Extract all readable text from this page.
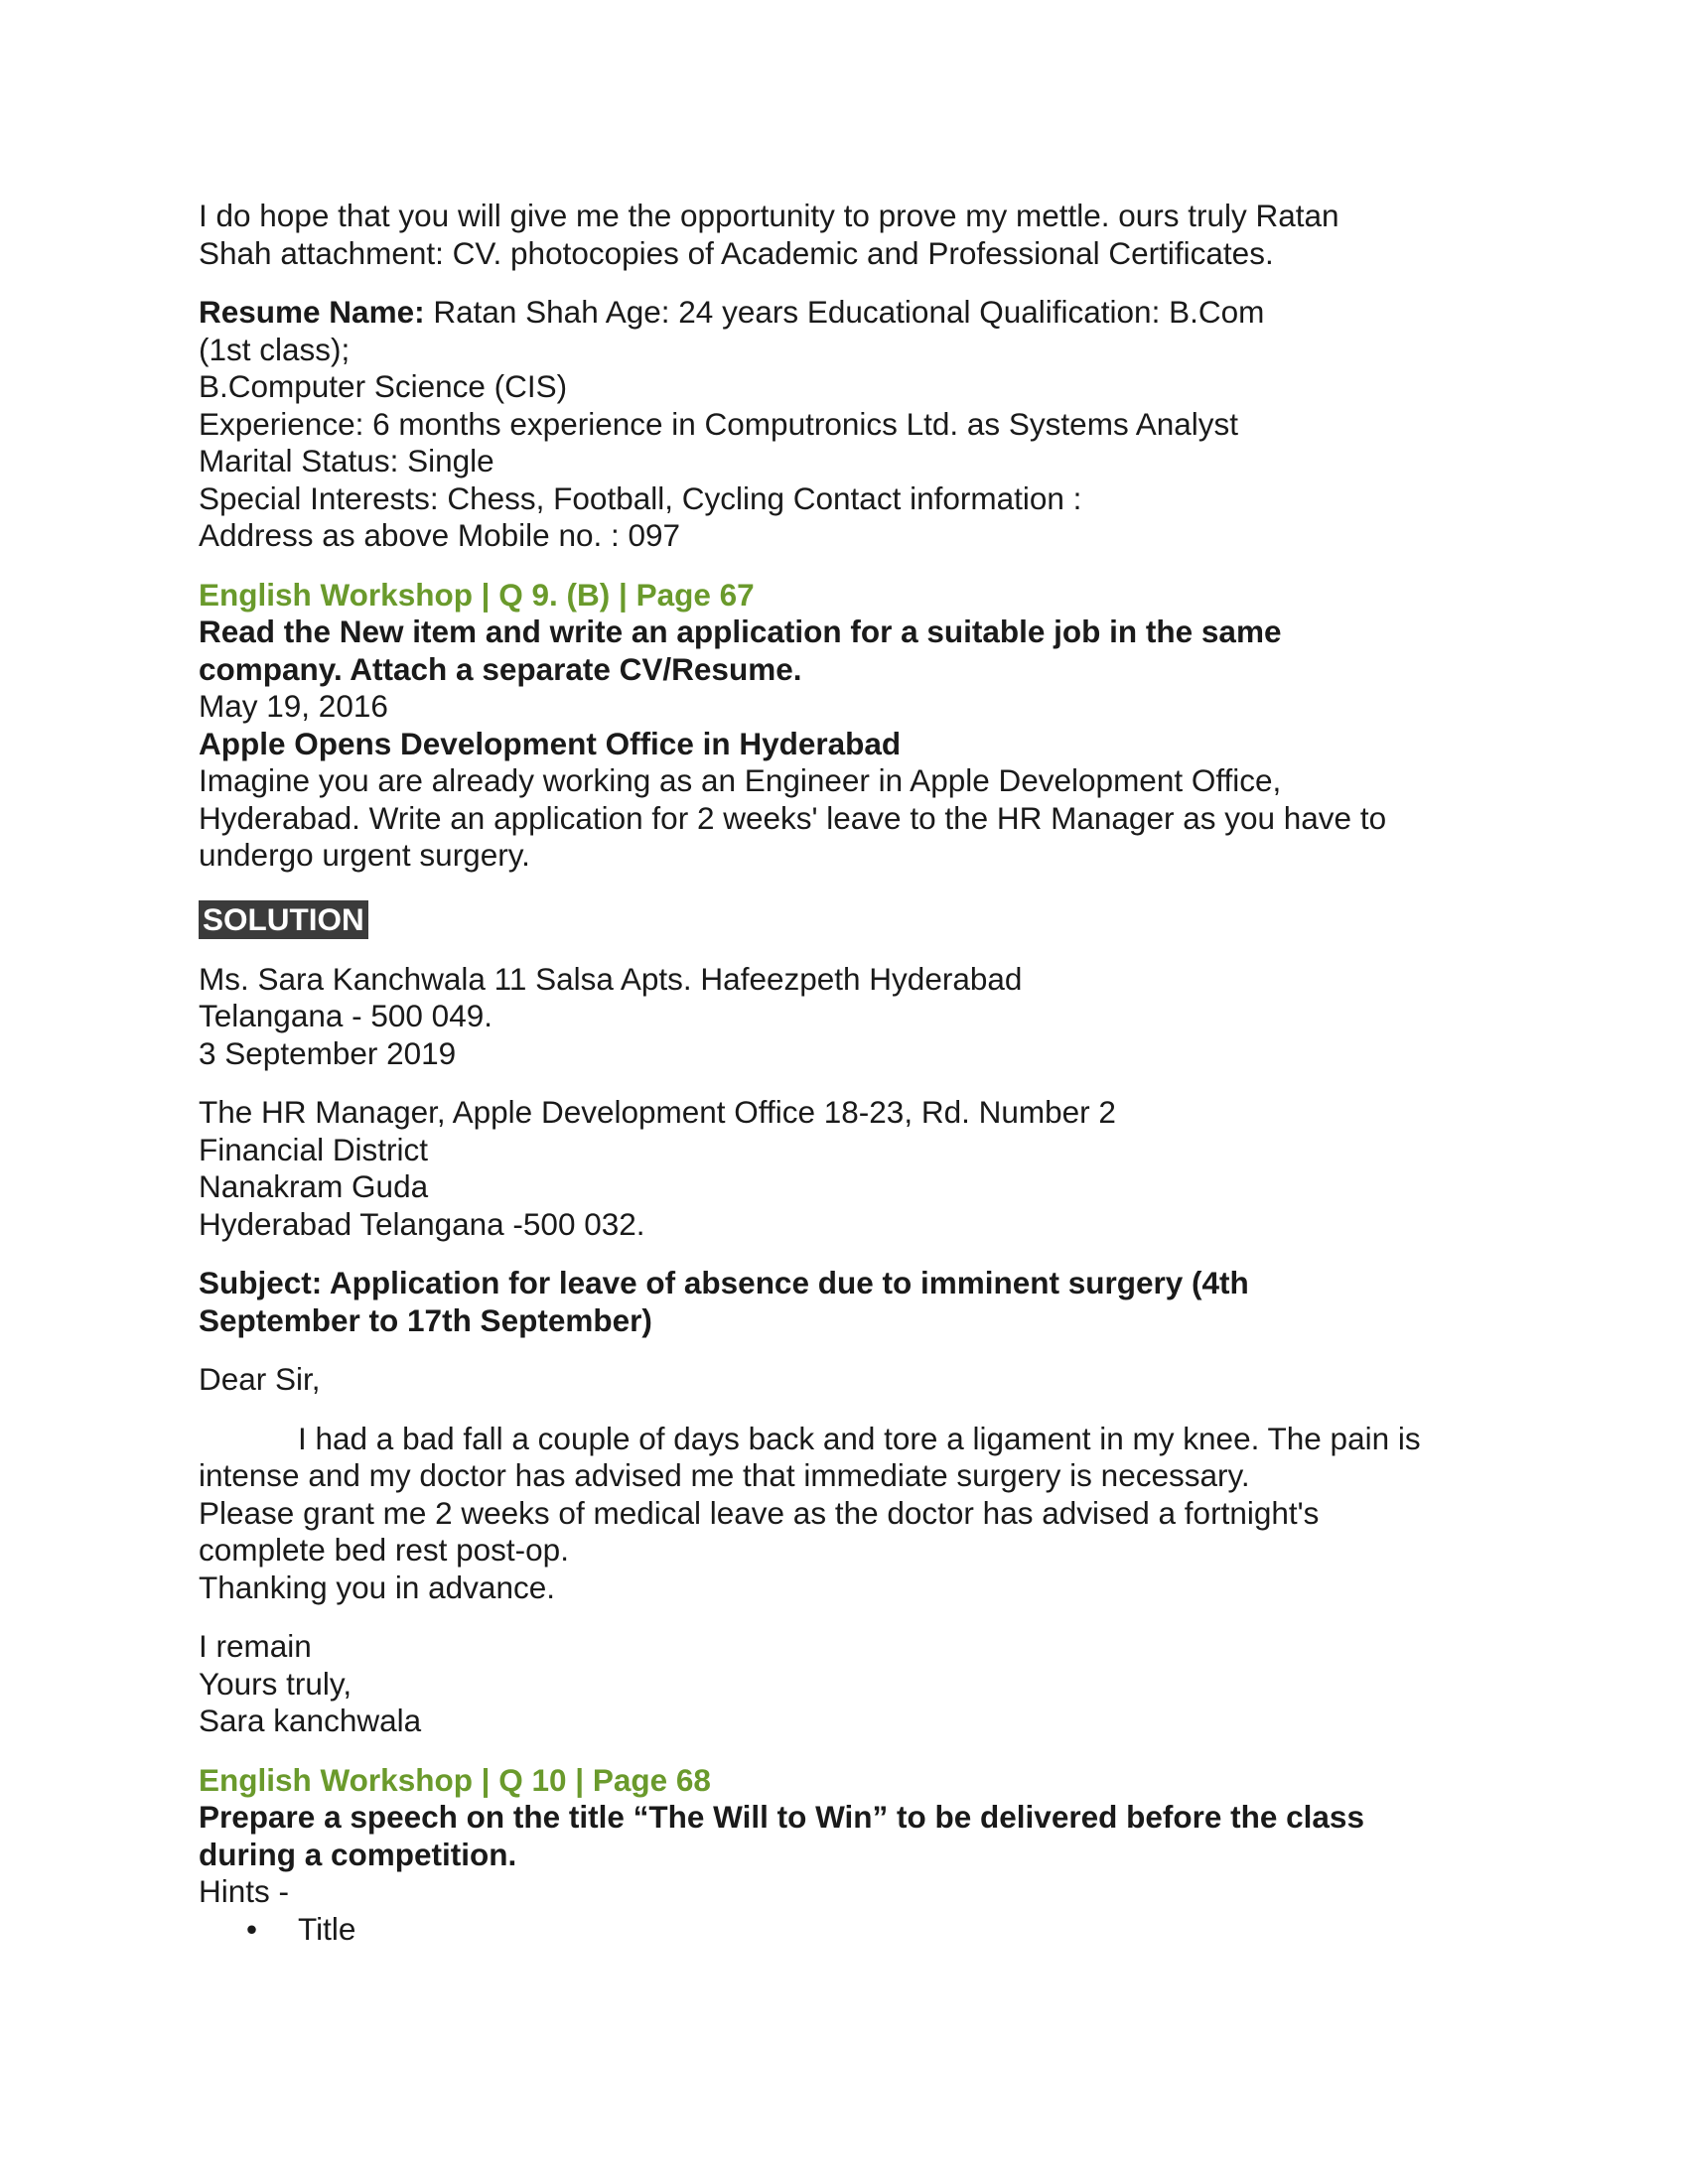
I do hope that you will give me the opportunity to prove my mettle. ours truly Ratan
Shah attachment: CV. photocopies of Academic and Professional Certificates.
Resume Name: Ratan Shah Age: 24 years Educational Qualification: B.Com
(1st class);
B.Computer Science (CIS)
Experience: 6 months experience in Computronics Ltd. as Systems Analyst
Marital Status: Single
Special Interests: Chess, Football, Cycling Contact information :
Address as above Mobile no. : 097
English Workshop | Q 9. (B) | Page 67
Read the New item and write an application for a suitable job in the same
company. Attach a separate CV/Resume.
May 19, 2016
Apple Opens Development Office in Hyderabad
Imagine you are already working as an Engineer in Apple Development Office,
Hyderabad. Write an application for 2 weeks' leave to the HR Manager as you have to
undergo urgent surgery.
SOLUTION
Ms. Sara Kanchwala 11 Salsa Apts. Hafeezpeth Hyderabad
Telangana - 500 049.
3 September 2019
The HR Manager, Apple Development Office 18-23, Rd. Number 2
Financial District
Nanakram Guda
Hyderabad Telangana -500 032.
Subject: Application for leave of absence due to imminent surgery (4th
September to 17th September)
Dear Sir,
I had a bad fall a couple of days back and tore a ligament in my knee. The pain is
intense and my doctor has advised me that immediate surgery is necessary.
Please grant me 2 weeks of medical leave as the doctor has advised a fortnight's
complete bed rest post-op.
Thanking you in advance.
I remain
Yours truly,
Sara kanchwala
English Workshop | Q 10 | Page 68
Prepare a speech on the title “The Will to Win” to be delivered before the class
during a competition.
Hints -
• Title
